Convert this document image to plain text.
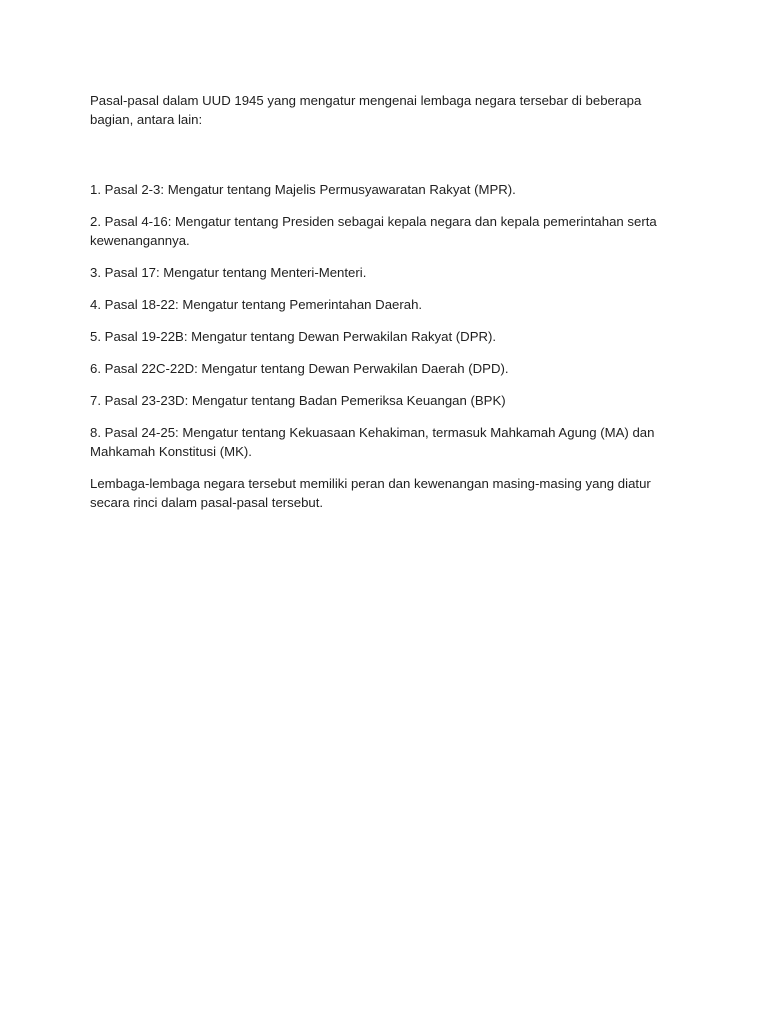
Pasal-pasal dalam UUD 1945 yang mengatur mengenai lembaga negara tersebar di beberapa bagian, antara lain:

1. Pasal 2-3: Mengatur tentang Majelis Permusyawaratan Rakyat (MPR).

2. Pasal 4-16: Mengatur tentang Presiden sebagai kepala negara dan kepala pemerintahan serta kewenangannya.

3. Pasal 17: Mengatur tentang Menteri-Menteri.

4. Pasal 18-22: Mengatur tentang Pemerintahan Daerah.

5. Pasal 19-22B: Mengatur tentang Dewan Perwakilan Rakyat (DPR).

6. Pasal 22C-22D: Mengatur tentang Dewan Perwakilan Daerah (DPD).

7. Pasal 23-23D: Mengatur tentang Badan Pemeriksa Keuangan (BPK)

8. Pasal 24-25: Mengatur tentang Kekuasaan Kehakiman, termasuk Mahkamah Agung (MA) dan Mahkamah Konstitusi (MK).

Lembaga-lembaga negara tersebut memiliki peran dan kewenangan masing-masing yang diatur secara rinci dalam pasal-pasal tersebut.
